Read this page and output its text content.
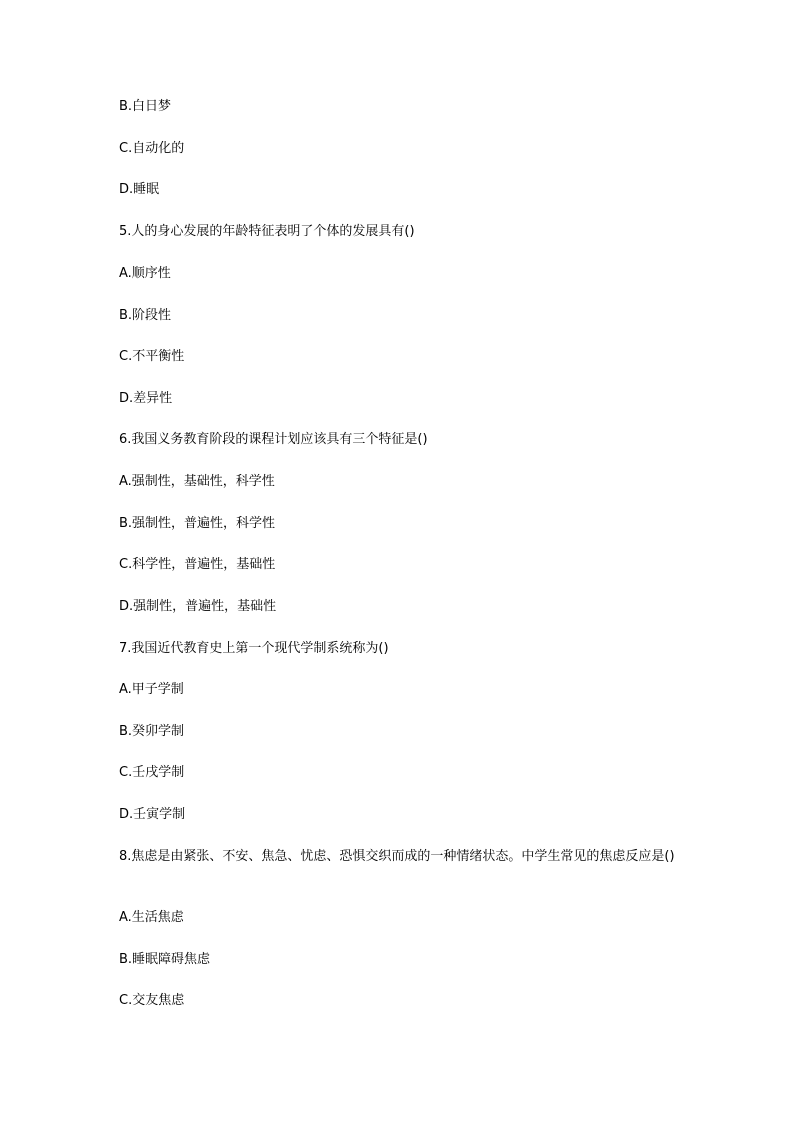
B.白日梦

C.自动化的

D.睡眠

5.人的身心发展的年龄特征表明了个体的发展具有()

A.顺序性

B.阶段性

C.不平衡性

D.差异性

6.我国义务教育阶段的课程计划应该具有三个特征是()

A.强制性，基础性，科学性

B.强制性，普遍性，科学性

C.科学性，普遍性，基础性

D.强制性，普遍性，基础性

7.我国近代教育史上第一个现代学制系统称为()

A.甲子学制

B.癸卯学制

C.壬戌学制

D.壬寅学制

8.焦虑是由紧张、不安、焦急、忧虑、恐惧交织而成的一种情绪状态。中学生常见的焦虑反应是()

A.生活焦虑

B.睡眠障碍焦虑

C.交友焦虑
